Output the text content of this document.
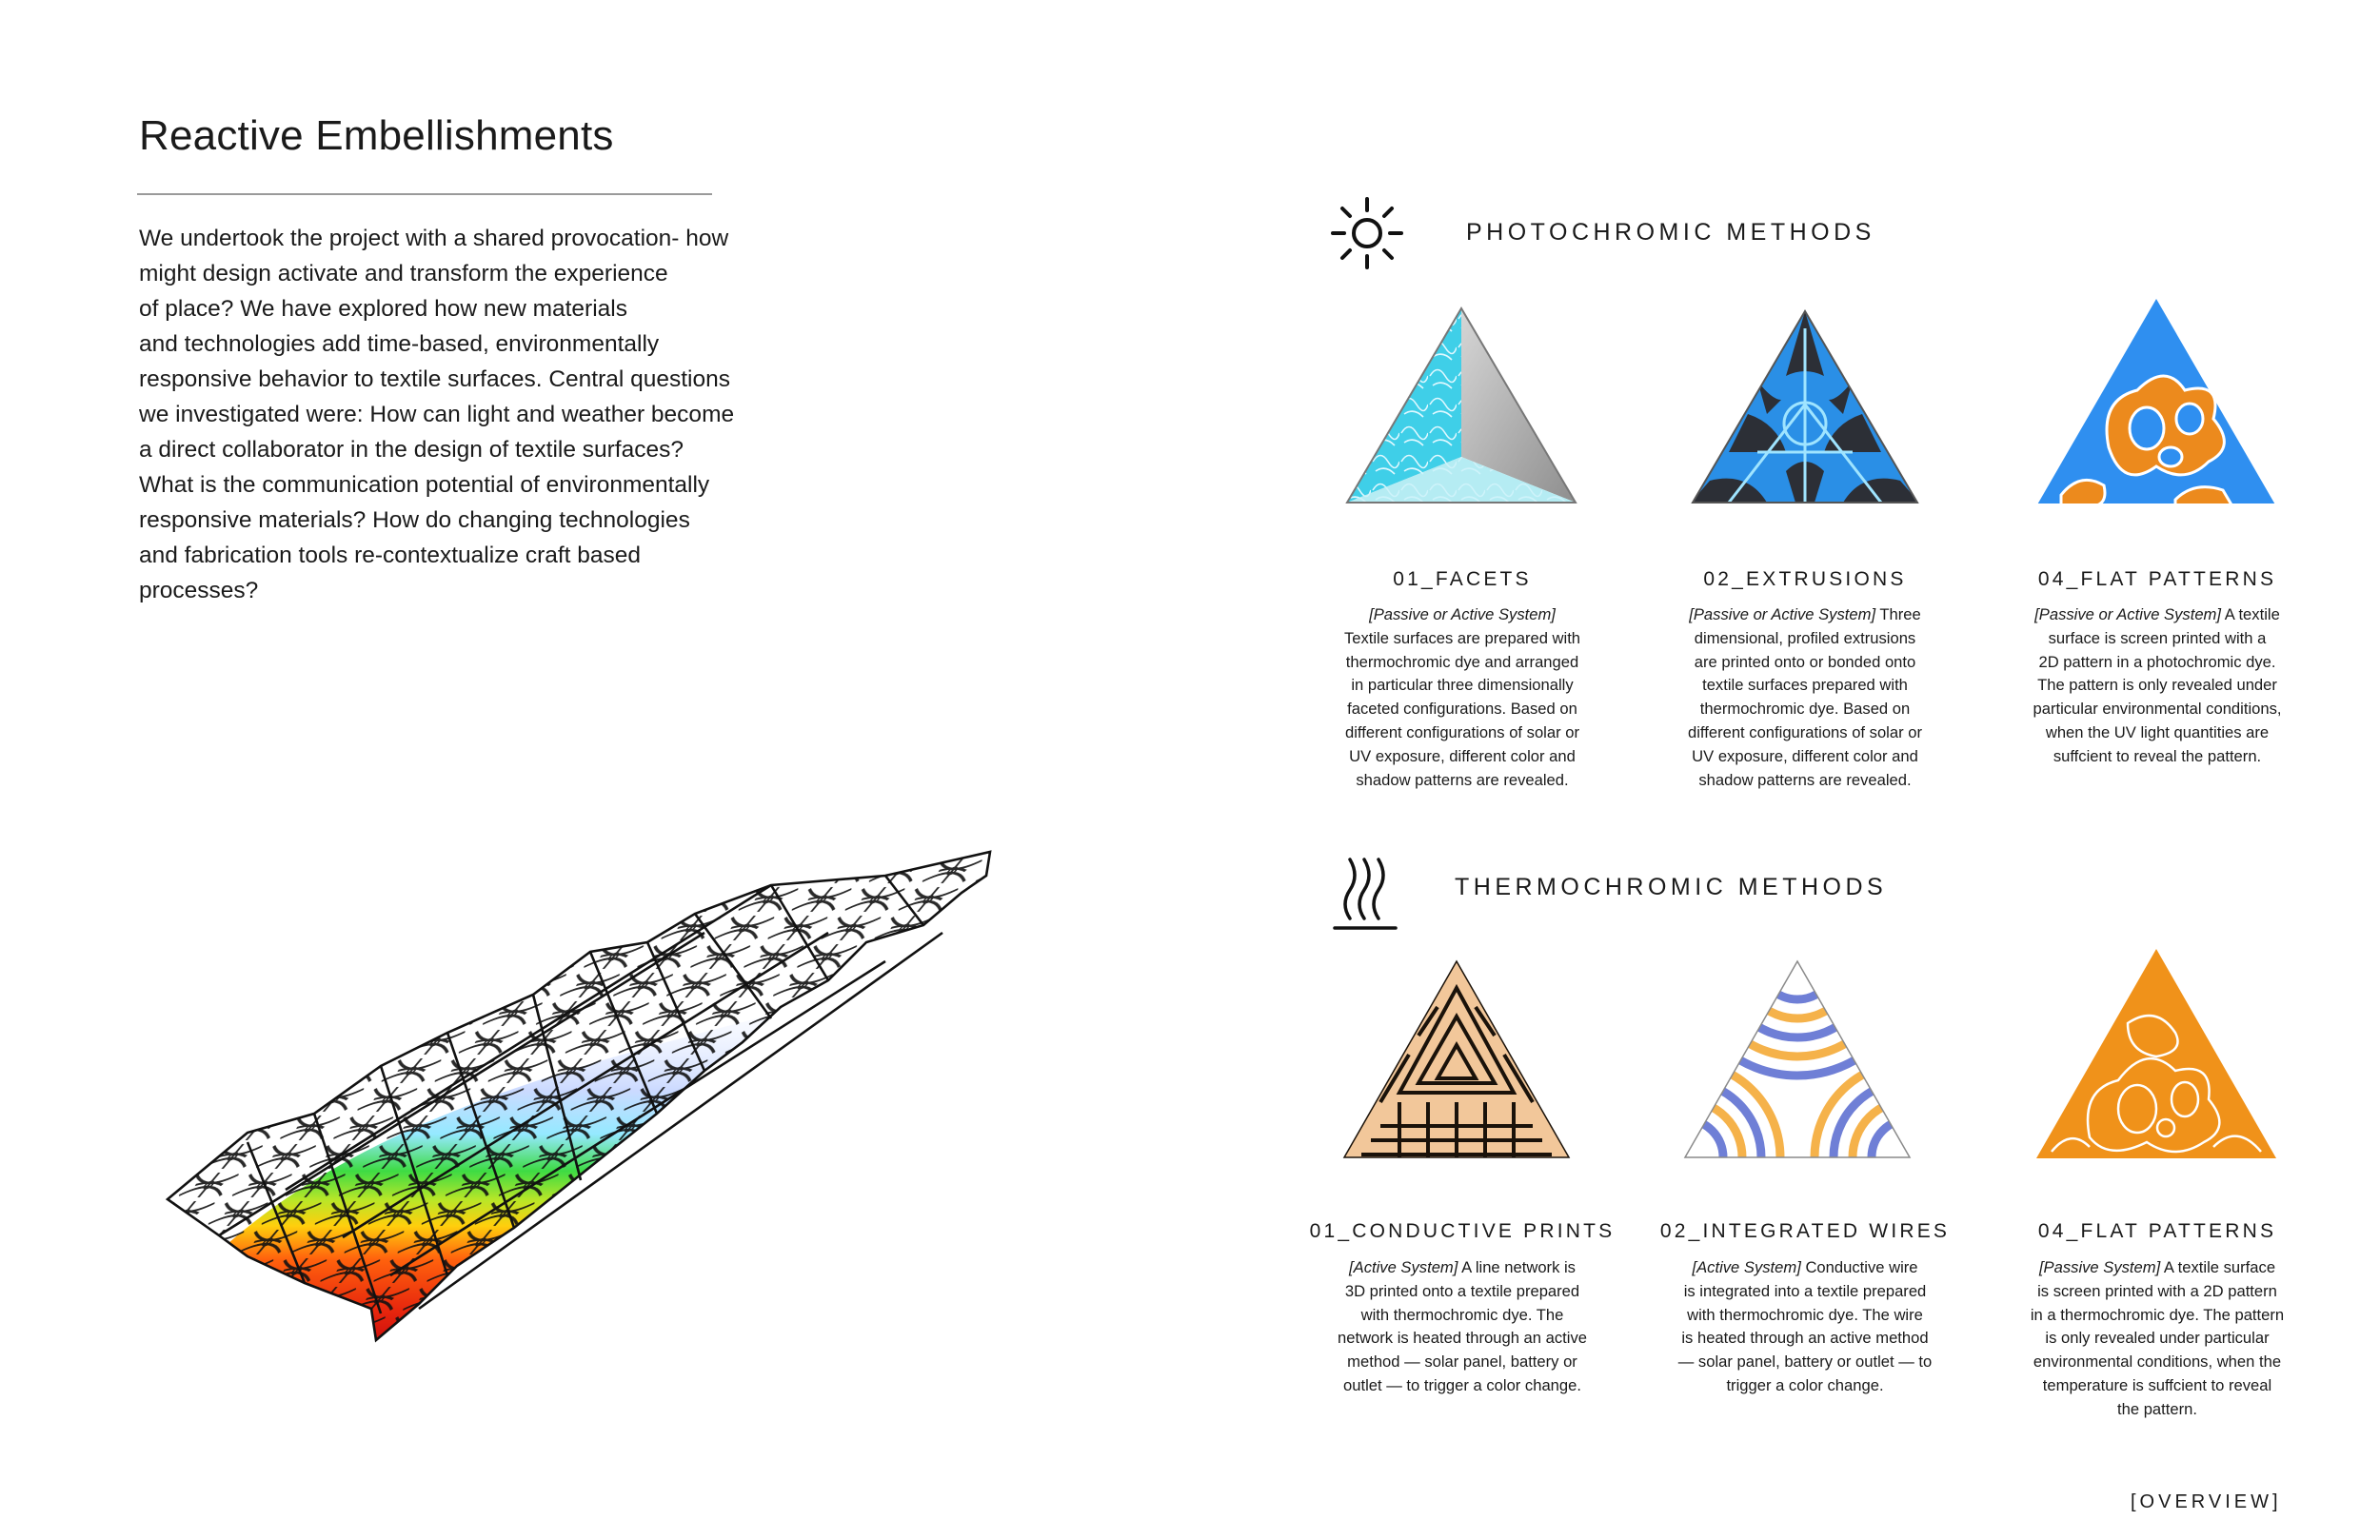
Reactive Embellishments
We undertook the project with a shared provocation- how
might design activate and transform the experience
of place? We have explored how new materials
and technologies add time-based, environmentally
responsive behavior to textile surfaces. Central questions
we investigated were: How can light and weather become
a direct collaborator in the design of textile surfaces?
What is the communication potential of environmentally
responsive materials? How do changing technologies
and fabrication tools re-contextualize craft based
processes?
PHOTOCHROMIC METHODS
01_FACETS
[Passive or Active System]
Textile surfaces are prepared with
thermochromic dye and arranged
in particular three dimensionally
faceted configurations. Based on
different configurations of solar or
UV exposure, different color and
shadow patterns are revealed.
02_EXTRUSIONS
[Passive or Active System] Three
dimensional, profiled extrusions
are printed onto or bonded onto
textile surfaces prepared with
thermochromic dye. Based on
different configurations of solar or
UV exposure, different color and
shadow patterns are revealed.
04_FLAT PATTERNS
[Passive or Active System] A textile
surface is screen printed with a
2D pattern in a photochromic dye.
The pattern is only revealed under
particular environmental conditions,
when the UV light quantities are
suffcient to reveal the pattern.
THERMOCHROMIC METHODS
01_CONDUCTIVE PRINTS
[Active System] A line network is
3D printed onto a textile prepared
with thermochromic dye. The
network is heated through an active
method — solar panel, battery or
outlet — to trigger a color change.
02_INTEGRATED WIRES
[Active System] Conductive wire
is integrated into a textile prepared
with thermochromic dye. The wire
is heated through an active method
— solar panel, battery or outlet — to
trigger a color change.
04_FLAT PATTERNS
[Passive System] A textile surface
is screen printed with a 2D pattern
in a thermochromic dye. The pattern
is only revealed under particular
environmental conditions, when the
temperature is suffcient to reveal
the pattern.
[OVERVIEW]
